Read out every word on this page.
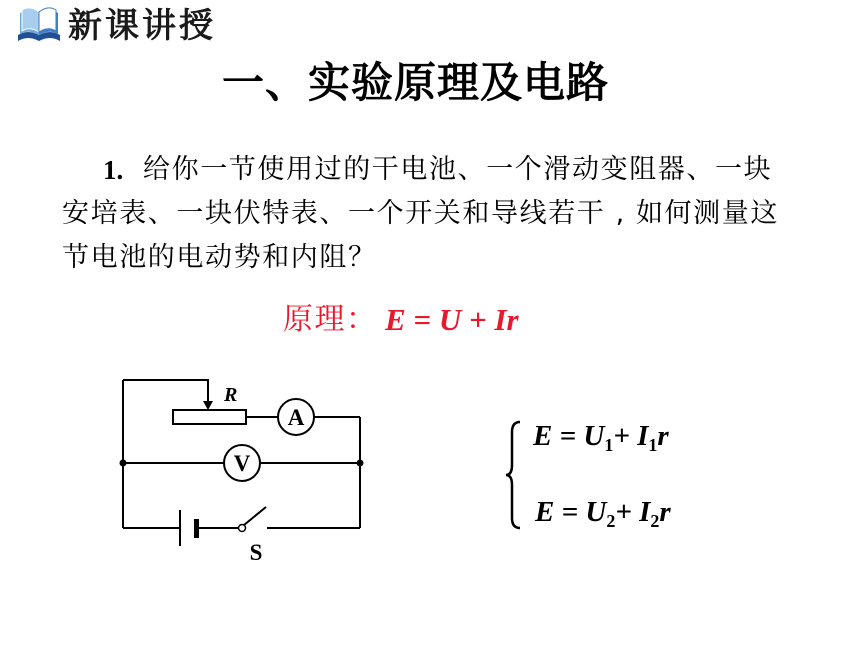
新课讲授
一、实验原理及电路
1. 给你一节使用过的干电池、一个滑动变阻器、一块
安培表、一块伏特表、一个开关和导线若干 , 如何测量这
节电池的电动势和内阻？
原理： E = U + Ir
R
A
V
S
$E = U_1+ I_1r$
$E = U_2+ I_2r$
